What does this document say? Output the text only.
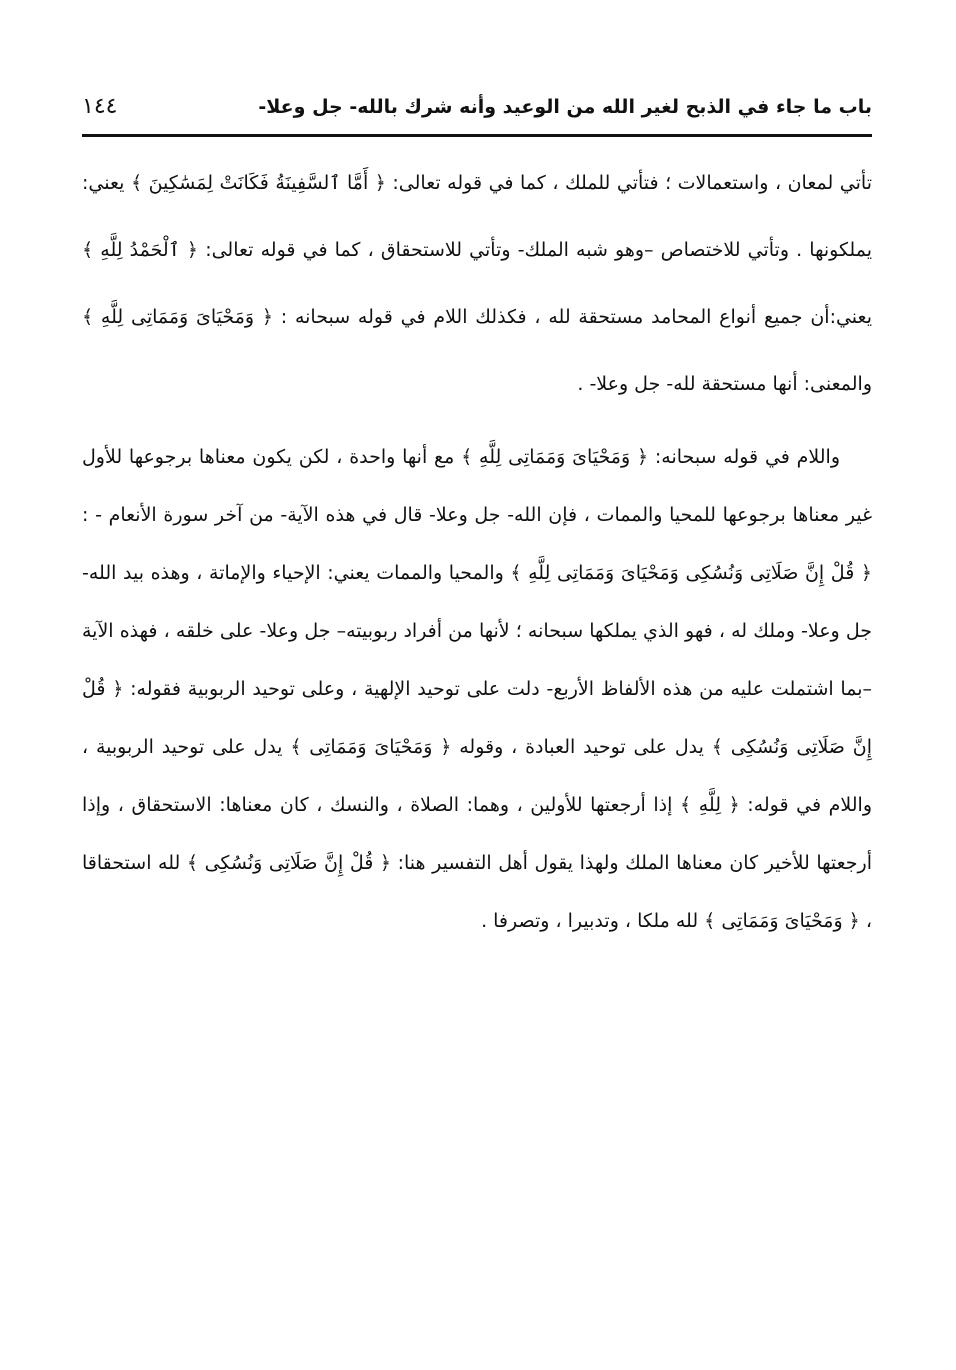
باب ما جاء في الذبح لغير الله من الوعيد وأنه شرك بالله- جل وعلا-
١٤٤

تأتي لمعان ، واستعمالات ؛ فتأتي للملك ، كما في قوله تعالى: ﴿ أَمَّا ٱلسَّفِينَةُ فَكَانَتْ لِمَسَٰكِينَ ﴾ يعني: يملكونها . وتأتي للاختصاص –وهو شبه الملك- وتأتي للاستحقاق ، كما في قوله تعالى: ﴿ ٱلْحَمْدُ لِلَّهِ ﴾ يعني:أن جميع أنواع المحامد مستحقة لله ، فكذلك اللام في قوله سبحانه : ﴿ وَمَحْيَاىَ وَمَمَاتِى لِلَّهِ ﴾ والمعنى: أنها مستحقة لله- جل وعلا- .

واللام في قوله سبحانه: ﴿ وَمَحْيَاىَ وَمَمَاتِى لِلَّهِ ﴾ مع أنها واحدة ، لكن يكون معناها برجوعها للأول غير معناها برجوعها للمحيا والممات ، فإن الله- جل وعلا- قال في هذه الآية- من آخر سورة الأنعام - : ﴿ قُلْ إِنَّ صَلَاتِى وَنُسُكِى وَمَحْيَاىَ وَمَمَاتِى لِلَّهِ ﴾ والمحيا والممات يعني: الإحياء والإماتة ، وهذه بيد الله- جل وعلا- وملك له ، فهو الذي يملكها سبحانه ؛ لأنها من أفراد ربوبيته– جل وعلا- على خلقه ، فهذه الآية –بما اشتملت عليه من هذه الألفاظ الأربع- دلت على توحيد الإلهية ، وعلى توحيد الربوبية فقوله: ﴿ قُلْ إِنَّ صَلَاتِى وَنُسُكِى ﴾ يدل على توحيد العبادة ، وقوله ﴿ وَمَحْيَاىَ وَمَمَاتِى ﴾ يدل على توحيد الربوبية ، واللام في قوله: ﴿ لِلَّهِ ﴾ إذا أرجعتها للأولين ، وهما: الصلاة ، والنسك ، كان معناها: الاستحقاق ، وإذا أرجعتها للأخير كان معناها الملك ولهذا يقول أهل التفسير هنا: ﴿ قُلْ إِنَّ صَلَاتِى وَنُسُكِى ﴾ لله استحقاقا ، ﴿ وَمَحْيَاىَ وَمَمَاتِى ﴾ لله ملكا ، وتدبيرا ، وتصرفا .
